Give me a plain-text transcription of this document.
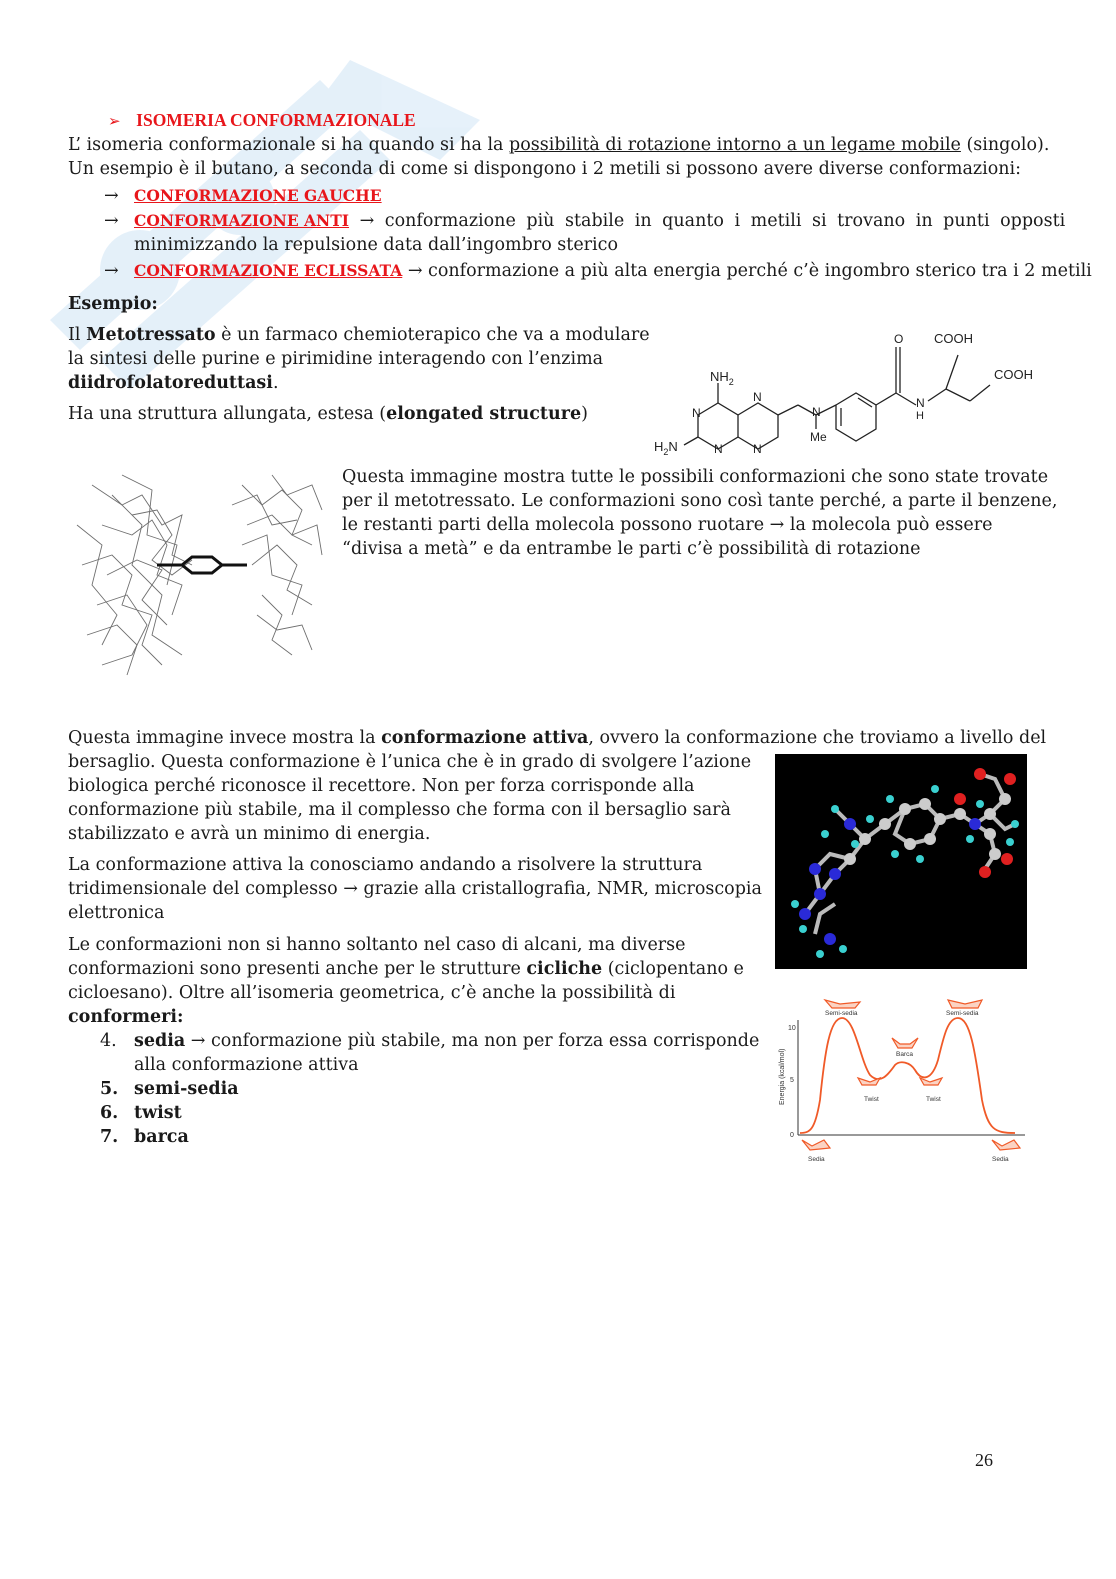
➢ ISOMERIA CONFORMAZIONALE
L’ isomeria conformazionale si ha quando si ha la possibilità di rotazione intorno a un legame mobile (singolo).
Un esempio è il butano, a seconda di come si dispongono i 2 metili si possono avere diverse conformazioni:
→ CONFORMAZIONE GAUCHE
→ CONFORMAZIONE ANTI → conformazione più stabile in quanto i metili si trovano in punti opposti
minimizzando la repulsione data dall’ingombro sterico
→ CONFORMAZIONE ECLISSATA → conformazione a più alta energia perché c’è ingombro sterico tra i 2 metili
Esempio:
Il Metotressato è un farmaco chemioterapico che va a modulare
la sintesi delle purine e pirimidine interagendo con l’enzima
diidrofolatoreduttasi.
Ha una struttura allungata, estesa (elongated structure)
$NH_2$
$H_2N$
N
N
N
N
N
Me
O
N
H
COOH
COOH
Questa immagine mostra tutte le possibili conformazioni che sono state trovate
per il metotressato. Le conformazioni sono così tante perché, a parte il benzene,
le restanti parti della molecola possono ruotare → la molecola può essere
“divisa a metà” e da entrambe le parti c’è possibilità di rotazione
Questa immagine invece mostra la conformazione attiva, ovvero la conformazione che troviamo a livello del
bersaglio. Questa conformazione è l’unica che è in grado di svolgere l’azione
biologica perché riconosce il recettore. Non per forza corrisponde alla
conformazione più stabile, ma il complesso che forma con il bersaglio sarà
stabilizzato e avrà un minimo di energia.
La conformazione attiva la conosciamo andando a risolvere la struttura
tridimensionale del complesso → grazie alla cristallografia, NMR, microscopia
elettronica
Le conformazioni non si hanno soltanto nel caso di alcani, ma diverse
conformazioni sono presenti anche per le strutture cicliche (ciclopentano e
cicloesano). Oltre all’isomeria geometrica, c’è anche la possibilità di
conformeri:
4. sedia → conformazione più stabile, ma non per forza essa corrisponde
alla conformazione attiva
5. semi-sedia
6. twist
7. barca
Energia (kcal/mol)
10
5
0
Semi-sedia	Semi-sedia
Barca
Twist	Twist
Sedia	Sedia
26
